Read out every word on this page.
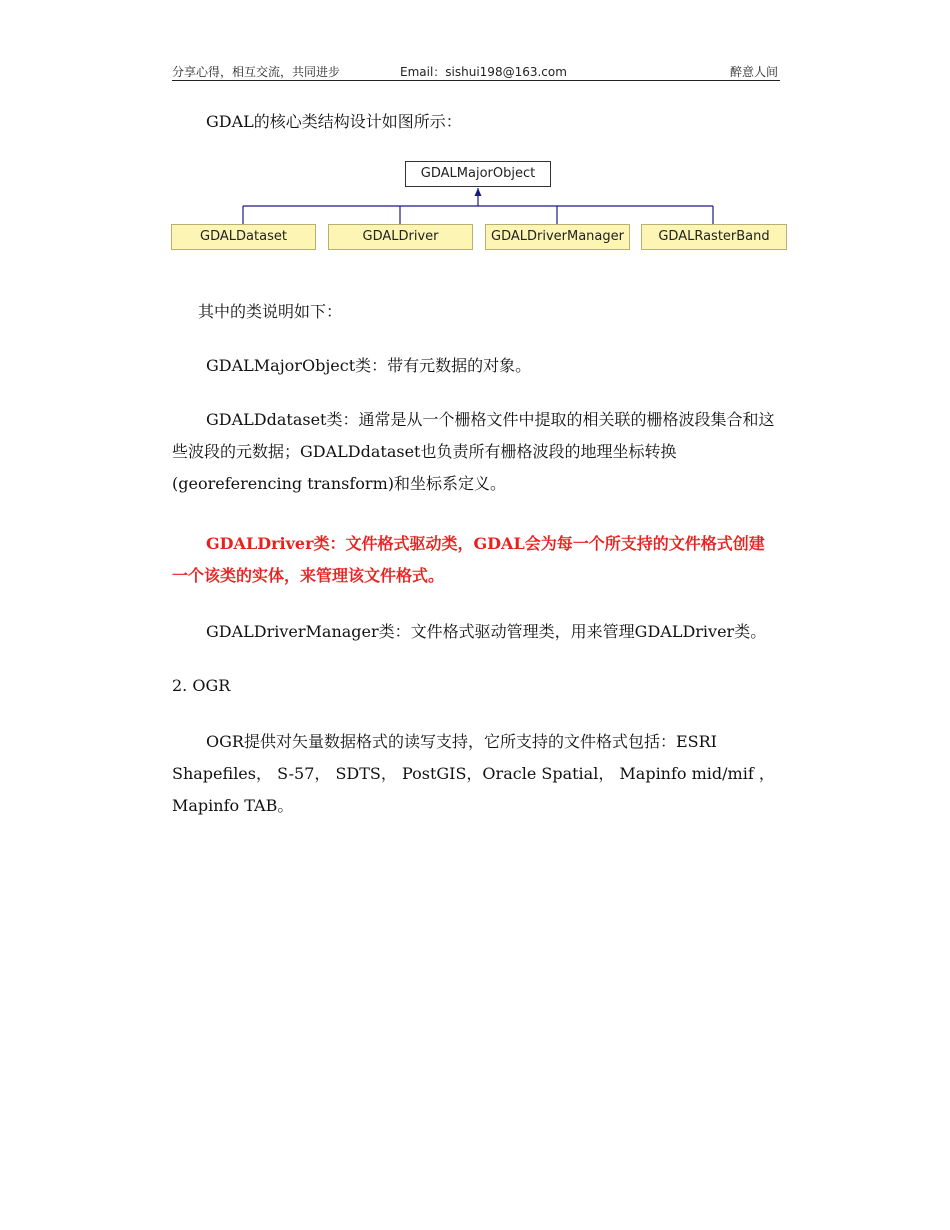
分享心得，相互交流，共同进步	Email：sishui198@163.com	醉意人间

GDAL的核心类结构设计如图所示：

GDALMajorObject
GDALDataset	GDALDriver	GDALDriverManager	GDALRasterBand

其中的类说明如下：

GDALMajorObject类：带有元数据的对象。

GDALDdataset类：通常是从一个栅格文件中提取的相关联的栅格波段集合和这些波段的元数据；GDALDdataset也负责所有栅格波段的地理坐标转换(georeferencing transform)和坐标系定义。

GDALDriver类：文件格式驱动类，GDAL会为每一个所支持的文件格式创建一个该类的实体，来管理该文件格式。

GDALDriverManager类：文件格式驱动管理类，用来管理GDALDriver类。

2. OGR

OGR提供对矢量数据格式的读写支持，它所支持的文件格式包括：ESRI Shapefiles， S-57， SDTS， PostGIS，Oracle Spatial， Mapinfo mid/mif ，Mapinfo TAB。
